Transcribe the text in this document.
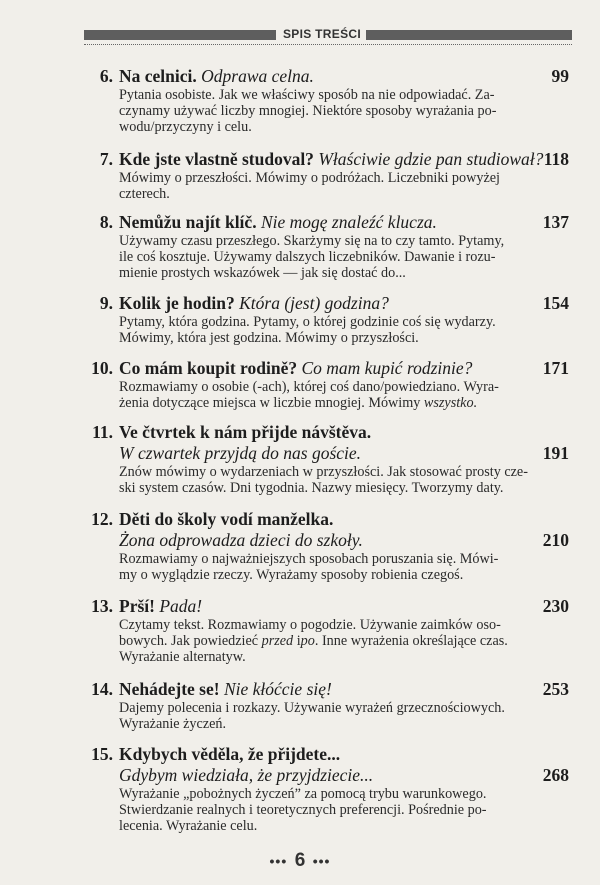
SPIS TREŚCI
6. Na celnici. Odprawa celna.	99
Pytania osobiste. Jak we właściwy sposób na nie odpowiadać. Za-
czynamy używać liczby mnogiej. Niektóre sposoby wyrażania po-
wodu/przyczyny i celu.
7. Kde jste vlastně studoval? Właściwie gdzie pan studiował? 118
Mówimy o przeszłości. Mówimy o podróżach. Liczebniki powyżej
czterech.
8. Nemůžu najít klíč. Nie mogę znaleźć klucza.	137
Używamy czasu przeszłego. Skarżymy się na to czy tamto. Pytamy,
ile coś kosztuje. Używamy dalszych liczebników. Dawanie i rozu-
mienie prostych wskazówek — jak się dostać do...
9. Kolik je hodin? Która (jest) godzina?	154
Pytamy, która godzina. Pytamy, o której godzinie coś się wydarzy.
Mówimy, która jest godzina. Mówimy o przyszłości.
10. Co mám koupit rodině? Co mam kupić rodzinie?	171
Rozmawiamy o osobie (-ach), której coś dano/powiedziano. Wyra-
żenia dotyczące miejsca w liczbie mnogiej. Mówimy wszystko.
11. Ve čtvrtek k nám přijde návštěva.
W czwartek przyjdą do nas goście.	191
Znów mówimy o wydarzeniach w przyszłości. Jak stosować prosty cze-
ski system czasów. Dni tygodnia. Nazwy miesięcy. Tworzymy daty.
12. Děti do školy vodí manželka.
Żona odprowadza dzieci do szkoły.	210
Rozmawiamy o najważniejszych sposobach poruszania się. Mówi-
my o wyglądzie rzeczy. Wyrażamy sposoby robienia czegoś.
13. Prší! Pada!	230
Czytamy tekst. Rozmawiamy o pogodzie. Używanie zaimków oso-
bowych. Jak powiedzieć przed ipo. Inne wyrażenia określające czas.
Wyrażanie alternatyw.
14. Nehádejte se! Nie kłóćcie się!	253
Dajemy polecenia i rozkazy. Używanie wyrażeń grzecznościowych.
Wyrażanie życzeń.
15. Kdybych věděla, že přijdete...
Gdybym wiedziała, że przyjdziecie...	268
Wyrażanie „pobożnych życzeń” za pomocą trybu warunkowego.
Stwierdzanie realnych i teoretycznych preferencji. Pośrednie po-
lecenia. Wyrażanie celu.
••• 6 •••
